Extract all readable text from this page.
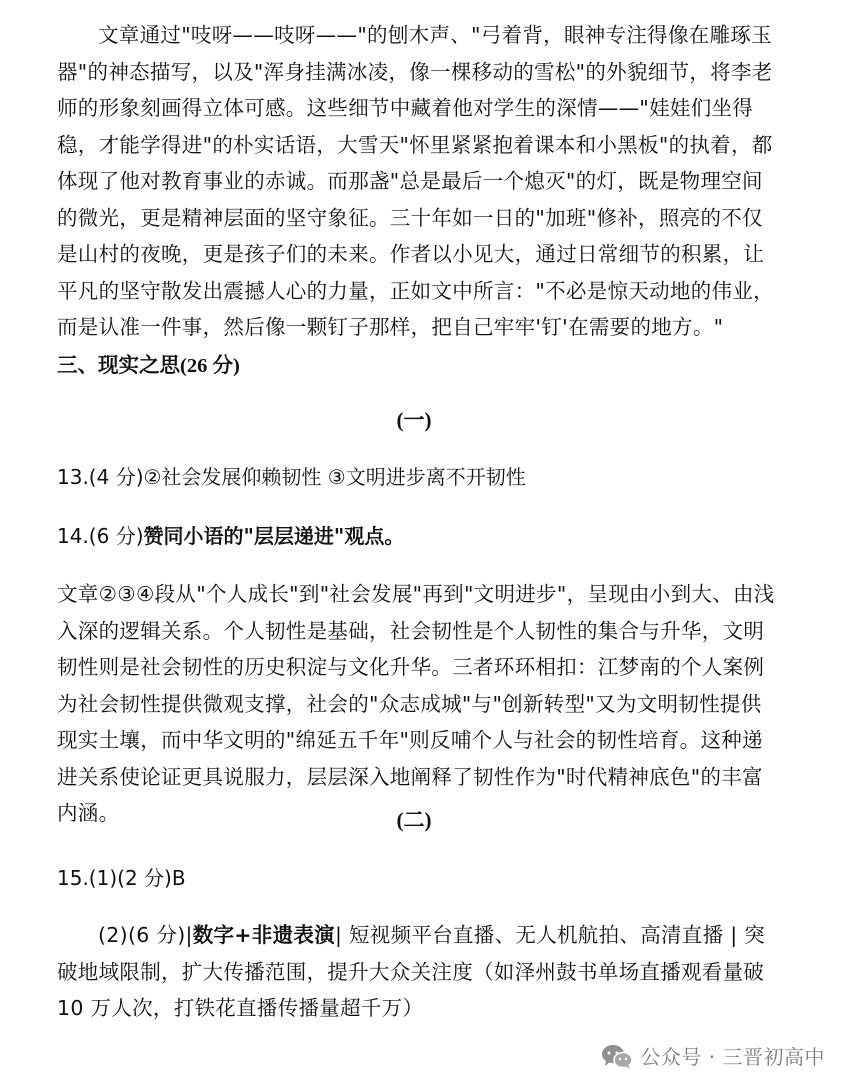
文章通过"吱呀——吱呀——"的刨木声、"弓着背，眼神专注得像在雕琢玉器"的神态描写，以及"浑身挂满冰凌，像一棵移动的雪松"的外貌细节，将李老师的形象刻画得立体可感。这些细节中藏着他对学生的深情——"娃娃们坐得稳，才能学得进"的朴实话语，大雪天"怀里紧紧抱着课本和小黑板"的执着，都体现了他对教育事业的赤诚。而那盏"总是最后一个熄灭"的灯，既是物理空间的微光，更是精神层面的坚守象征。三十年如一日的"加班"修补，照亮的不仅是山村的夜晚，更是孩子们的未来。作者以小见大，通过日常细节的积累，让平凡的坚守散发出震撼人心的力量，正如文中所言："不必是惊天动地的伟业，而是认准一件事，然后像一颗钉子那样，把自己牢牢'钉'在需要的地方。"

三、现实之思(26 分)

(一)

13.(4 分)②社会发展仰赖韧性 ③文明进步离不开韧性

14.(6 分)赞同小语的"层层递进"观点。

文章②③④段从"个人成长"到"社会发展"再到"文明进步"，呈现由小到大、由浅入深的逻辑关系。个人韧性是基础，社会韧性是个人韧性的集合与升华，文明韧性则是社会韧性的历史积淀与文化升华。三者环环相扣：江梦南的个人案例为社会韧性提供微观支撑，社会的"众志成城"与"创新转型"又为文明韧性提供现实土壤，而中华文明的"绵延五千年"则反哺个人与社会的韧性培育。这种递进关系使论证更具说服力，层层深入地阐释了韧性作为"时代精神底色"的丰富内涵。	(二)

15.(1)(2 分)B

(2)(6 分)|数字+非遗表演| 短视频平台直播、无人机航拍、高清直播 | 突破地域限制，扩大传播范围，提升大众关注度（如泽州鼓书单场直播观看量破 10 万人次，打铁花直播传播量超千万）

公众号 · 三晋初高中
